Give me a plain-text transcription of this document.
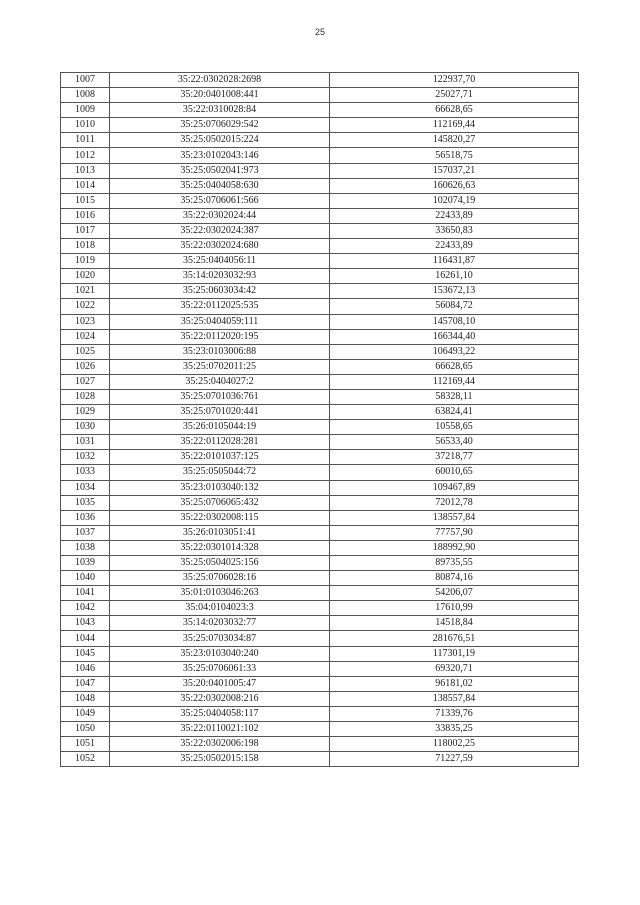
25
1007	35:22:0302028:2698	122937,70
1008	35:20:0401008:441	25027,71
1009	35:22:0310028:84	66628,65
1010	35:25:0706029:542	112169,44
1011	35:25:0502015:224	145820,27
1012	35:23:0102043:146	56518,75
1013	35:25:0502041:973	157037,21
1014	35:25:0404058:630	160626,63
1015	35:25:0706061:566	102074,19
1016	35:22:0302024:44	22433,89
1017	35:22:0302024:387	33650,83
1018	35:22:0302024:680	22433,89
1019	35:25:0404056:11	116431,87
1020	35:14:0203032:93	16261,10
1021	35:25:0603034:42	153672,13
1022	35:22:0112025:535	56084,72
1023	35:25:0404059:111	145708,10
1024	35:22:0112020:195	166344,40
1025	35:23:0103006:88	106493,22
1026	35:25:0702011:25	66628,65
1027	35:25:0404027:2	112169,44
1028	35:25:0701036:761	58328,11
1029	35:25:0701020:441	63824,41
1030	35:26:0105044:19	10558,65
1031	35:22:0112028:281	56533,40
1032	35:22:0101037:125	37218,77
1033	35:25:0505044:72	60010,65
1034	35:23:0103040:132	109467,89
1035	35:25:0706065:432	72012,78
1036	35:22:0302008:115	138557,84
1037	35:26:0103051:41	77757,90
1038	35:22:0301014:328	188992,90
1039	35:25:0504025:156	89735,55
1040	35:25:0706028:16	80874,16
1041	35:01:0103046:263	54206,07
1042	35:04:0104023:3	17610,99
1043	35:14:0203032:77	14518,84
1044	35:25:0703034:87	281676,51
1045	35:23:0103040:240	117301,19
1046	35:25:0706061:33	69320,71
1047	35:20:0401005:47	96181,02
1048	35:22:0302008:216	138557,84
1049	35:25:0404058:117	71339,76
1050	35:22:0110021:102	33835,25
1051	35:22:0302006:198	118002,25
1052	35:25:0502015:158	71227,59
